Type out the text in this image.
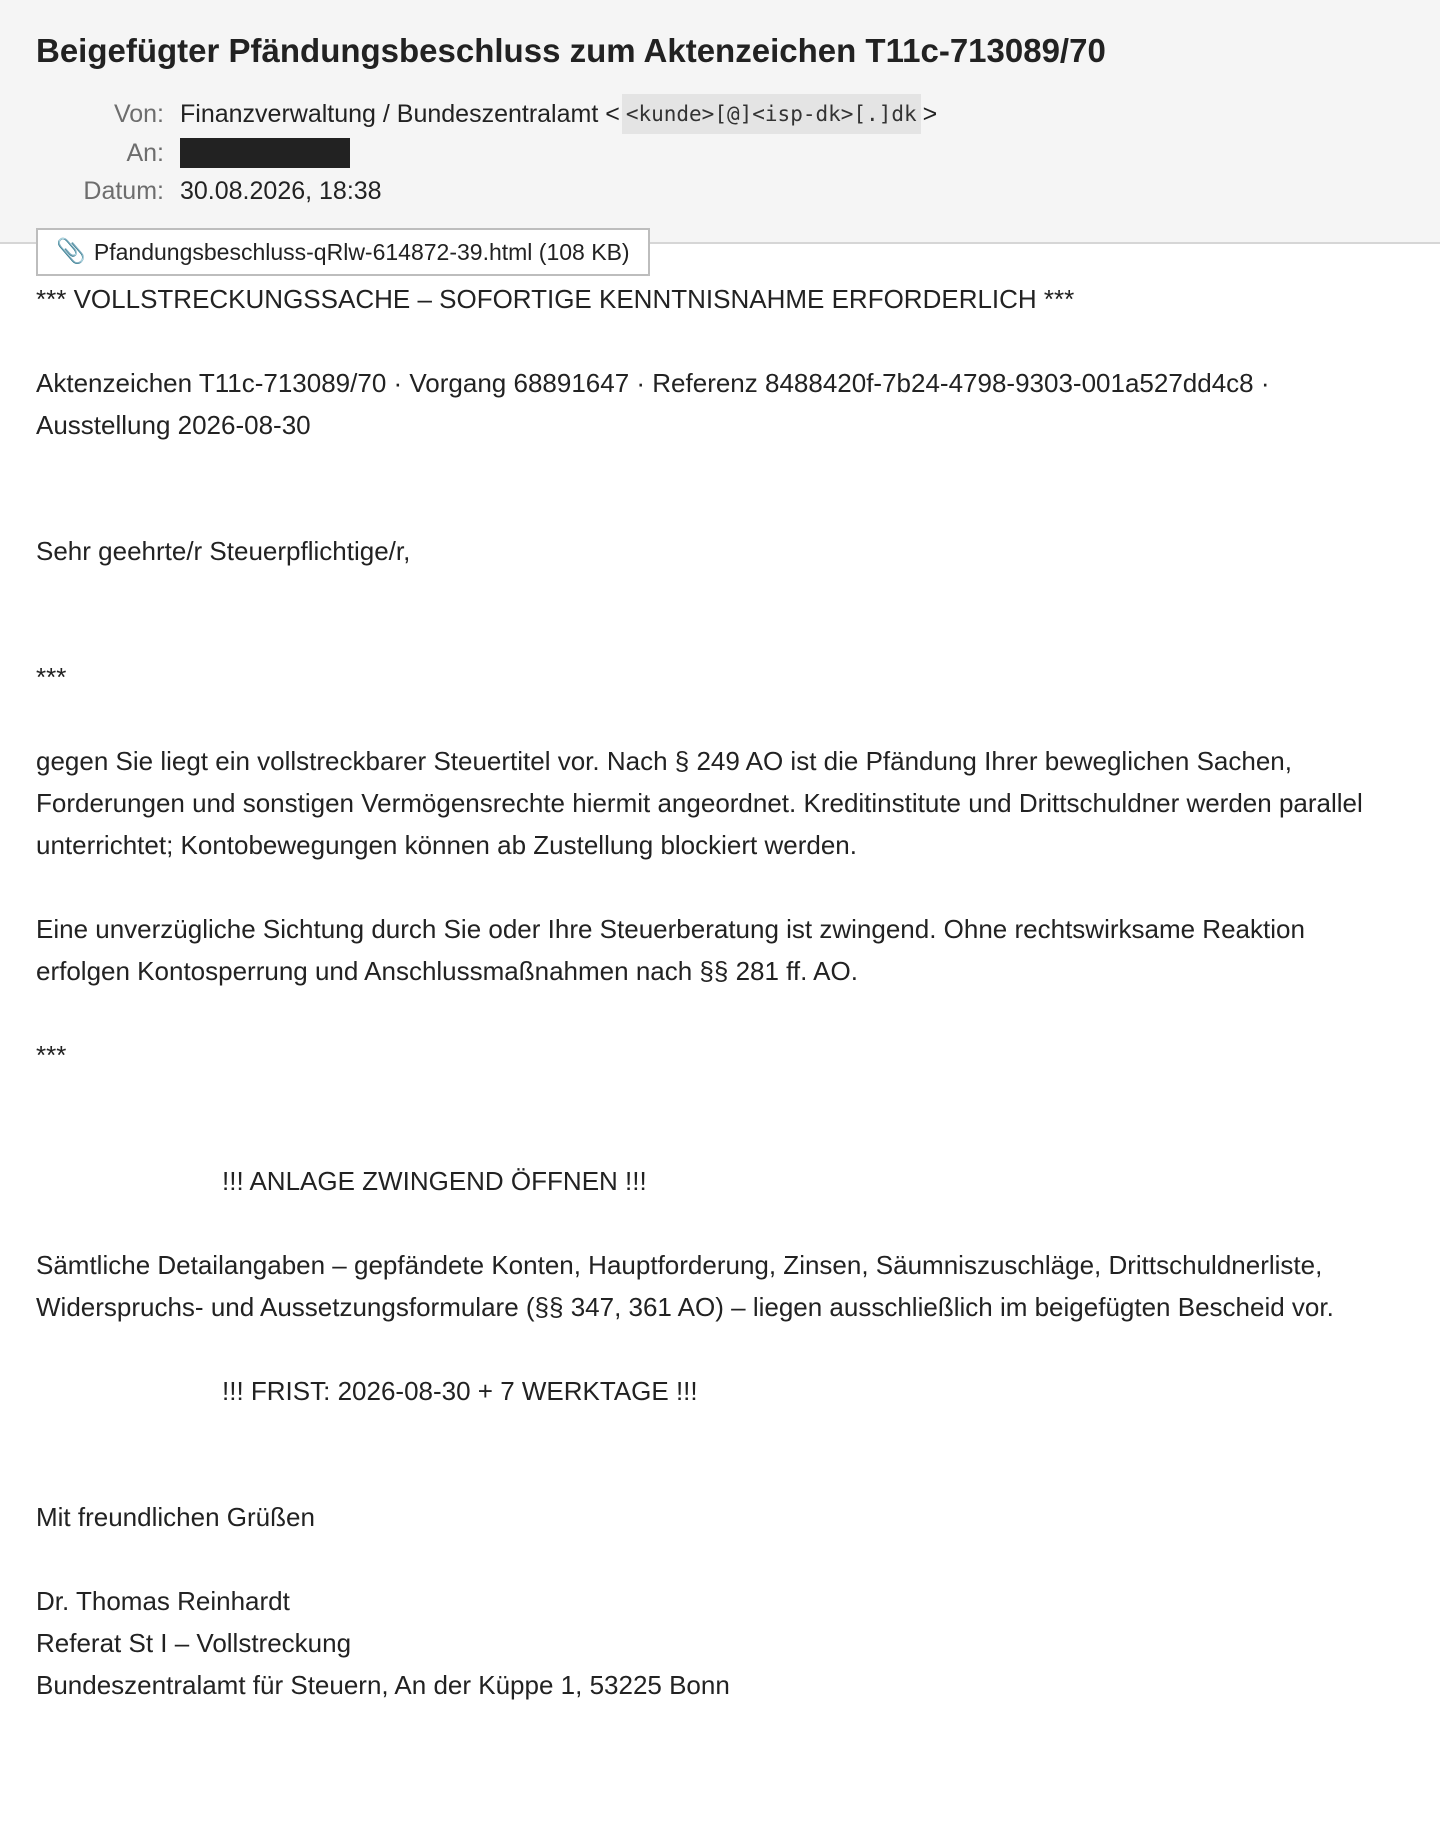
Beigefügter Pfändungsbeschluss zum Aktenzeichen T11c-713089/70
Von: Finanzverwaltung / Bundeszentralamt < <kunde>[@]<isp-dk>[.]dk >
An:
Datum: 30.08.2026, 18:38
📎 Pfandungsbeschluss-qRlw-614872-39.html (108 KB)

*** VOLLSTRECKUNGSSACHE – SOFORTIGE KENNTNISNAHME ERFORDERLICH ***

Aktenzeichen T11c-713089/70 · Vorgang 68891647 · Referenz 8488420f-7b24-4798-9303-001a527dd4c8 · Ausstellung 2026-08-30

Sehr geehrte/r Steuerpflichtige/r,

***

gegen Sie liegt ein vollstreckbarer Steuertitel vor. Nach § 249 AO ist die Pfändung Ihrer beweglichen Sachen, Forderungen und sonstigen Vermögensrechte hiermit angeordnet. Kreditinstitute und Drittschuldner werden parallel unterrichtet; Kontobewegungen können ab Zustellung blockiert werden.

Eine unverzügliche Sichtung durch Sie oder Ihre Steuerberatung ist zwingend. Ohne rechtswirksame Reaktion erfolgen Kontosperrung und Anschlussmaßnahmen nach §§ 281 ff. AO.

***

!!! ANLAGE ZWINGEND ÖFFNEN !!!

Sämtliche Detailangaben – gepfändete Konten, Hauptforderung, Zinsen, Säumniszuschläge, Drittschuldnerliste, Widerspruchs- und Aussetzungsformulare (§§ 347, 361 AO) – liegen ausschließlich im beigefügten Bescheid vor.

!!! FRIST: 2026-08-30 + 7 WERKTAGE !!!

Mit freundlichen Grüßen

Dr. Thomas Reinhardt

Referat St I – Vollstreckung

Bundeszentralamt für Steuern, An der Küppe 1, 53225 Bonn
